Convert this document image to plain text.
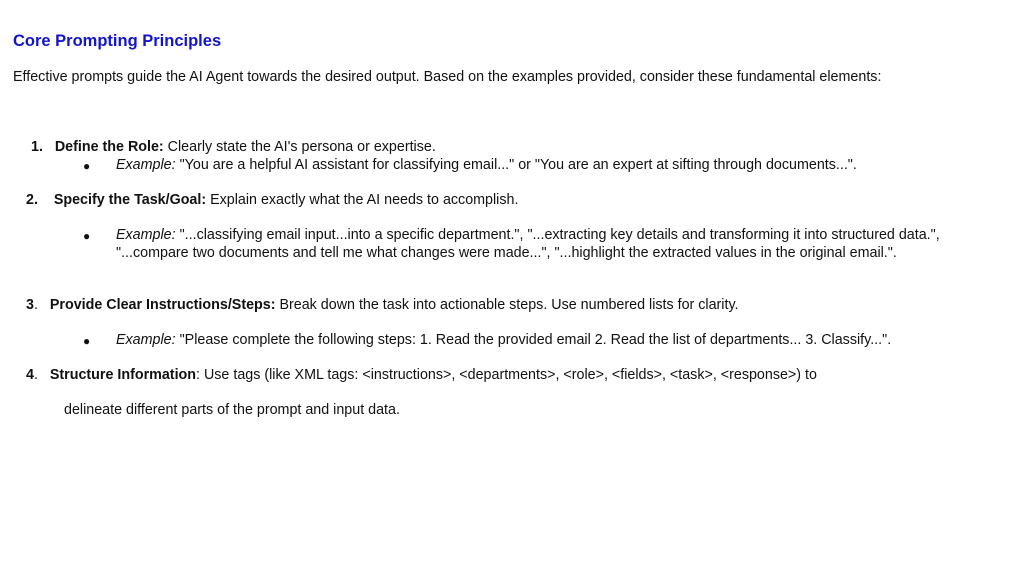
Core Prompting Principles
Effective prompts guide the AI Agent towards the desired output. Based on the examples provided, consider these fundamental elements:
1. Define the Role: Clearly state the AI's persona or expertise.
● Example: "You are a helpful AI assistant for classifying email..." or "You are an expert at sifting through documents...".
2. Specify the Task/Goal: Explain exactly what the AI needs to accomplish.
● Example: "...classifying email input...into a specific department.", "...extracting key details and transforming it into structured data.", "...compare two documents and tell me what changes were made...", "...highlight the extracted values in the original email.".
3. Provide Clear Instructions/Steps: Break down the task into actionable steps. Use numbered lists for clarity.
● Example: "Please complete the following steps: 1. Read the provided email 2. Read the list of departments... 3. Classify...".
4. Structure Information: Use tags (like XML tags: <instructions>, <departments>, <role>, <fields>, <task>, <response>) to
delineate different parts of the prompt and input data.
